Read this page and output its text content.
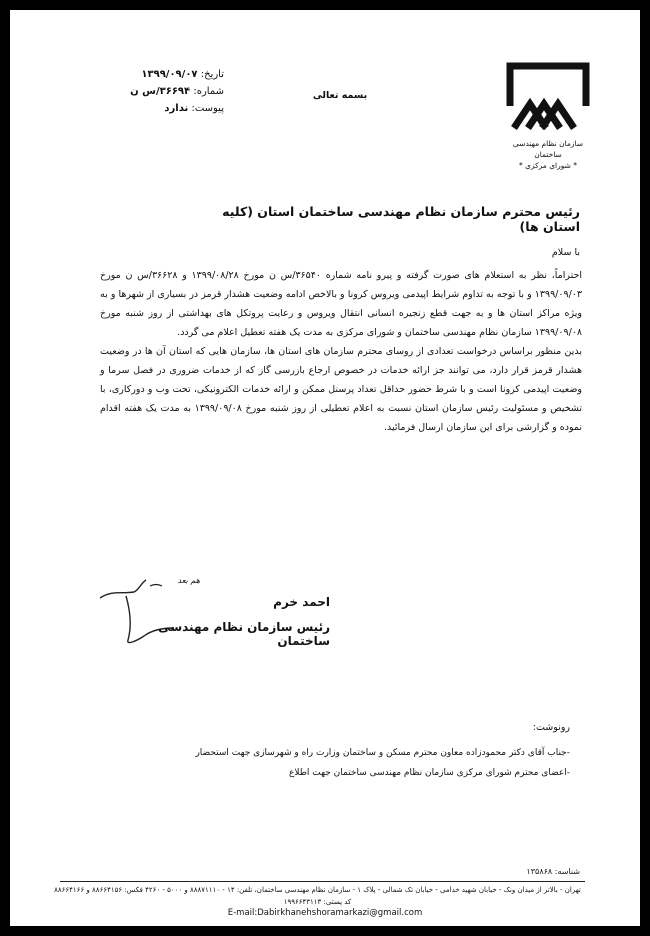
سازمان نظام مهندسی ساختمان
* شورای مرکزی *
بسمه تعالی
تاریخ: ۱۳۹۹/۰۹/۰۷
شماره: ۳۶۶۹۴/س ن
پیوست: ندارد
رئیس محترم سازمان نظام مهندسی ساختمان استان (کلیه استان ها)
با سلام

احتراماً، نظر به استعلام های صورت گرفته و پیرو نامه شماره ۳۶۵۴۰/س ن مورخ ۱۳۹۹/۰۸/۲۸ و ۳۶۶۲۸/س ن مورخ ۱۳۹۹/۰۹/۰۳ و با توجه به تداوم شرایط اپیدمی ویروس کرونا و بالاخص ادامه وضعیت هشدار قرمز در بسیاری از شهرها و به ویژه مراکز استان ها و به جهت قطع زنجیره انسانی انتقال ویروس و رعایت پروتکل های بهداشتی از روز شنبه مورخ ۱۳۹۹/۰۹/۰۸ سازمان نظام مهندسی ساختمان و شورای مرکزی به مدت یک هفته تعطیل اعلام می گردد.

بدین منظور براساس درخواست تعدادی از روسای محترم سازمان های استان ها، سازمان هایی که استان آن ها در وضعیت هشدار قرمز قرار دارد، می توانند جز ارائه خدمات در خصوص ارجاع بازرسی گاز که از خدمات ضروری در فصل سرما و وضعیت اپیدمی کرونا است و با شرط حضور حداقل تعداد پرسنل ممکن و ارائه خدمات الکترونیکی، تحت وب و دورکاری، با تشخیص و مسئولیت رئیس سازمان استان نسبت به اعلام تعطیلی از روز شنبه مورخ ۱۳۹۹/۰۹/۰۸ به مدت یک هفته اقدام نموده و گزارشی برای این سازمان ارسال فرمائید.

هم بعد
احمد خرم
رئیس سازمان نظام مهندسی ساختمان
رونوشت:
-جناب آقای دکتر محمودزاده معاون محترم مسکن و ساختمان وزارت راه و شهرسازی جهت استحضار
-اعضای محترم شورای مرکزی سازمان نظام مهندسی ساختمان جهت اطلاع
شناسه: ۱۳۵۸۶۸
تهران - بالاتر از میدان ونک - خیابان شهید خدامی - خیابان تک شمالی - پلاک ۱ - سازمان نظام مهندسی ساختمان، تلفن: ۱۴ - ۸۸۸۷۱۱۱۰ و ۵۰۰۰ - ۴۲۶۰ فکس: ۸۸۶۶۴۱۵۶ و ۸۸۶۶۴۱۶۶
کد پستی: ۱۹۹۶۶۴۳۱۱۳
E-mail:Dabirkhanehshoramarkazi@gmail.com
